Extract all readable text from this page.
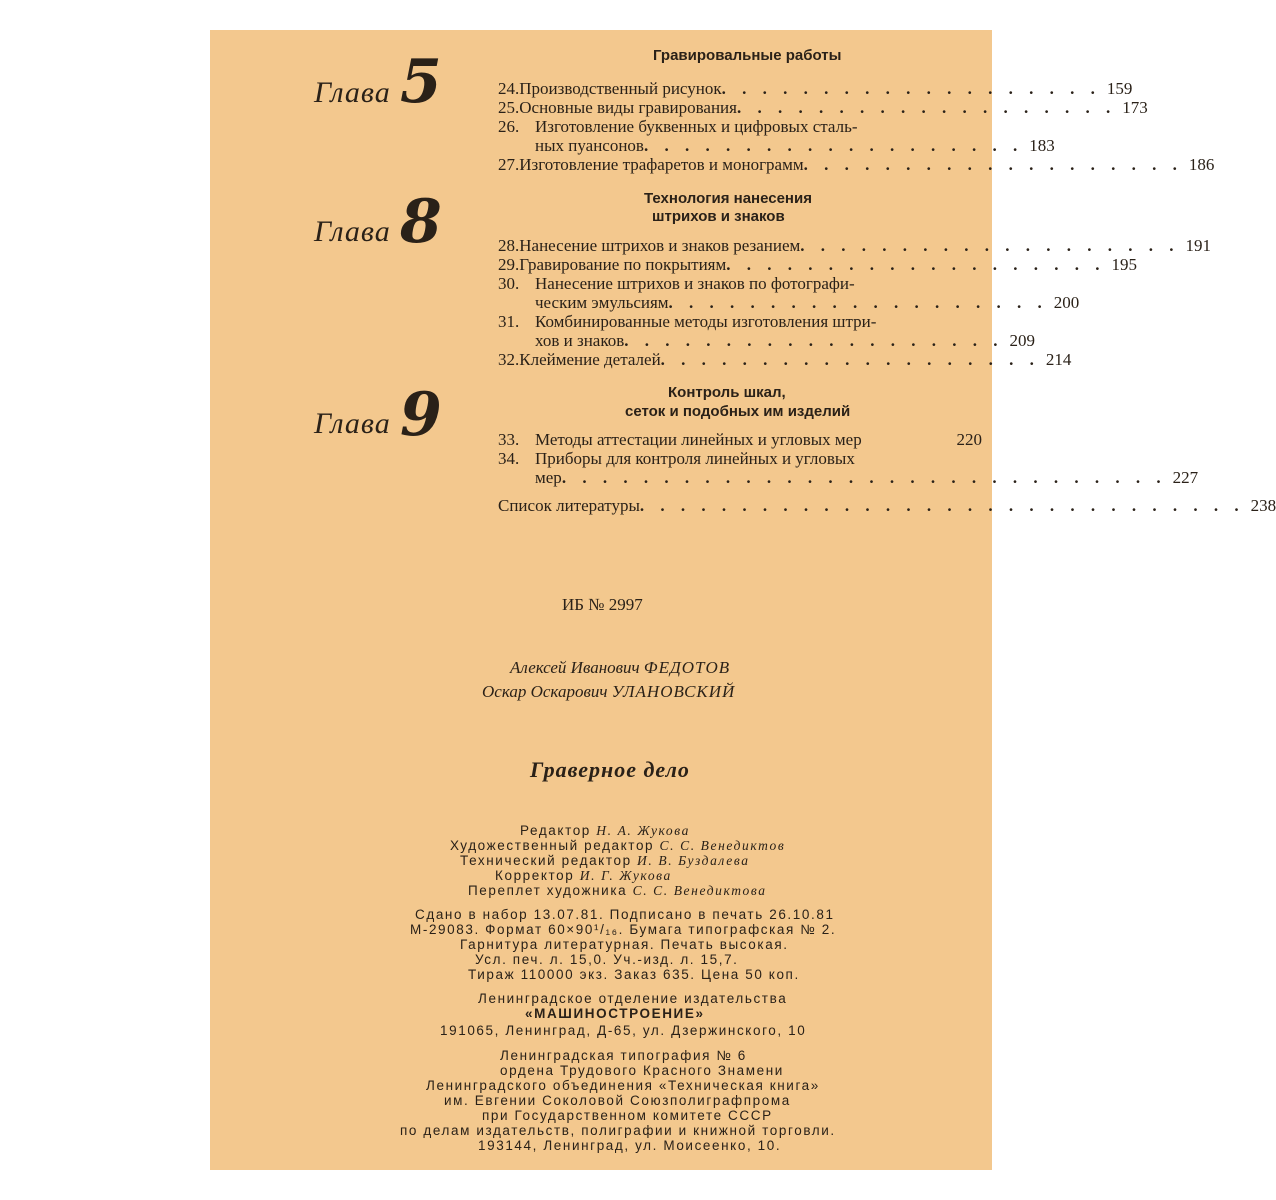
Гравировальные работы
Глава 5	24. Производственный рисунок . . . . . . . . . . . . . . . . . . . 159
25. Основные виды гравирования . . . . . . . . . . . . . . . . . . . 173
26. Изготовление буквенных и цифровых сталь-
ных пуансонов . . . . . . . . . . . . . . . . . . . 183
27. Изготовление трафаретов и монограмм . . . . . . . . . . . . . . . . . . . 186
Технология нанесения
штрихов и знаков
Глава 8	28. Нанесение штрихов и знаков резанием . . . . . . . . . . . . . . . . . . . 191
29. Гравирование по покрытиям . . . . . . . . . . . . . . . . . . . 195
30. Нанесение штрихов и знаков по фотографи-
ческим эмульсиям . . . . . . . . . . . . . . . . . . . 200
31. Комбинированные методы изготовления штри-
хов и знаков . . . . . . . . . . . . . . . . . . . 209
32. Клеймение деталей . . . . . . . . . . . . . . . . . . . 214
Контроль шкал,
сеток и подобных им изделий
Глава 9	33. Методы аттестации линейных и угловых мер	220
34. Приборы для контроля линейных и угловых
мер . . . . . . . . . . . . . . . . . . . . . . . . . . . . . . 227
Список литературы . . . . . . . . . . . . . . . . . . . . . . . . . . . . . . 238
ИБ № 2997
Алексей Иванович ФЕДОТОВ
Оскар Оскарович УЛАНОВСКИЙ
Граверное дело
Редактор Н. А. Жукова
Художественный редактор С. С. Венедиктов
Технический редактор И. В. Буздалева
Корректор И. Г. Жукова
Переплет художника С. С. Венедиктова
Сдано в набор 13.07.81. Подписано в печать 26.10.81
М-29083. Формат 60×90¹/₁₆. Бумага типографская № 2.
Гарнитура литературная. Печать высокая.
Усл. печ. л. 15,0. Уч.-изд. л. 15,7.
Тираж 110000 экз. Заказ 635. Цена 50 коп.
Ленинградское отделение издательства
«МАШИНОСТРОЕНИЕ»
191065, Ленинград, Д-65, ул. Дзержинского, 10
Ленинградская типография № 6
ордена Трудового Красного Знамени
Ленинградского объединения «Техническая книга»
им. Евгении Соколовой Союзполиграфпрома
при Государственном комитете СССР
по делам издательств, полиграфии и книжной торговли.
193144, Ленинград, ул. Моисеенко, 10.
